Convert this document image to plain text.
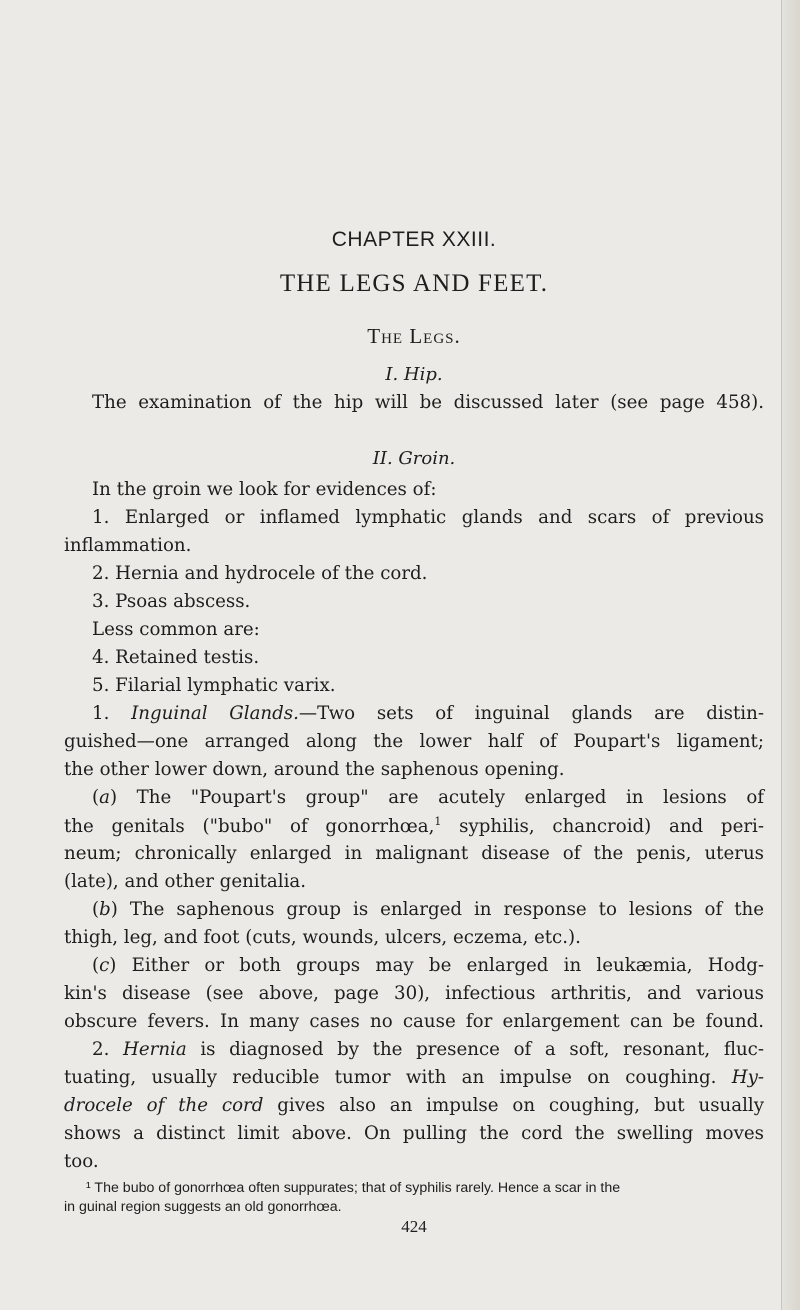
CHAPTER XXIII.
THE LEGS AND FEET.
The Legs.
I. Hip.
The examination of the hip will be discussed later (see page 458).
II. Groin.
In the groin we look for evidences of:
1. Enlarged or inflamed lymphatic glands and scars of previous
inflammation.
2. Hernia and hydrocele of the cord.
3. Psoas abscess.
Less common are:
4. Retained testis.
5. Filarial lymphatic varix.
1. Inguinal Glands.—Two sets of inguinal glands are distin-
guished—one arranged along the lower half of Poupart's ligament;
the other lower down, around the saphenous opening.
(a) The "Poupart's group" are acutely enlarged in lesions of
the genitals ("bubo" of gonorrhœa,$^1$ syphilis, chancroid) and peri-
neum; chronically enlarged in malignant disease of the penis, uterus
(late), and other genitalia.
(b) The saphenous group is enlarged in response to lesions of the
thigh, leg, and foot (cuts, wounds, ulcers, eczema, etc.).
(c) Either or both groups may be enlarged in leukæmia, Hodg-
kin's disease (see above, page 30), infectious arthritis, and various
obscure fevers. In many cases no cause for enlargement can be found.
2. Hernia is diagnosed by the presence of a soft, resonant, fluc-
tuating, usually reducible tumor with an impulse on coughing. Hy-
drocele of the cord gives also an impulse on coughing, but usually
shows a distinct limit above. On pulling the cord the swelling moves
too.
¹ The bubo of gonorrhœa often suppurates; that of syphilis rarely. Hence a scar in the
in guinal region suggests an old gonorrhœa.
424
